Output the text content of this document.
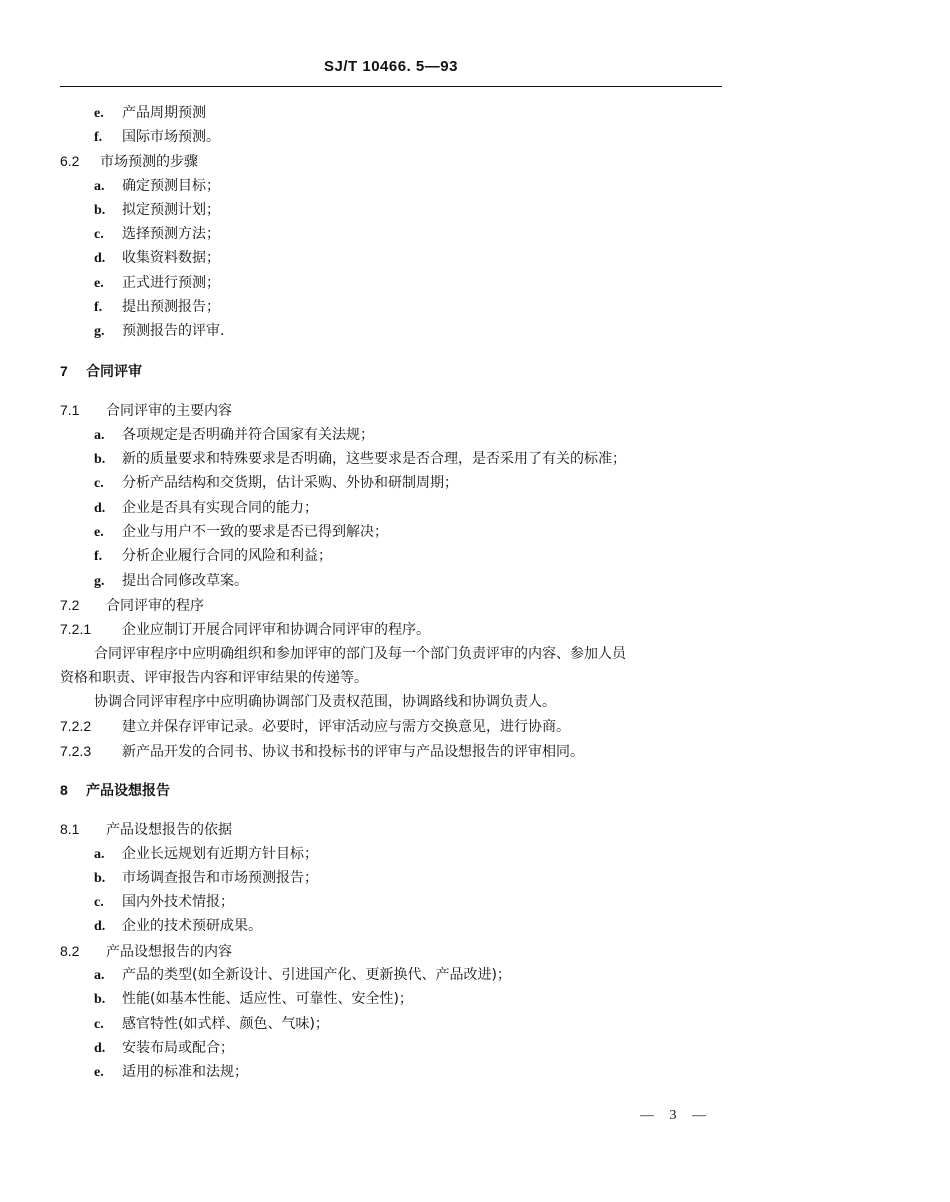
SJ/T 10466. 5—93
e. 产品周期预测
f. 国际市场预测。
6.2 市场预测的步骤
a. 确定预测目标；
b. 拟定预测计划；
c. 选择预测方法；
d. 收集资料数据；
e. 正式进行预测；
f. 提出预测报告；
g. 预测报告的评审.
7 合同评审
7.1 合同评审的主要内容
a. 各项规定是否明确并符合国家有关法规；
b. 新的质量要求和特殊要求是否明确，这些要求是否合理，是否采用了有关的标准；
c. 分析产品结构和交货期，估计采购、外协和研制周期；
d. 企业是否具有实现合同的能力；
e. 企业与用户不一致的要求是否已得到解决；
f. 分析企业履行合同的风险和利益；
g. 提出合同修改草案。
7.2 合同评审的程序
7.2.1 企业应制订开展合同评审和协调合同评审的程序。
合同评审程序中应明确组织和参加评审的部门及每一个部门负责评审的内容、参加人员
资格和职责、评审报告内容和评审结果的传递等。
协调合同评审程序中应明确协调部门及责权范围，协调路线和协调负责人。
7.2.2 建立并保存评审记录。必要时，评审活动应与需方交换意见，进行协商。
7.2.3 新产品开发的合同书、协议书和投标书的评审与产品设想报告的评审相同。
8 产品设想报告
8.1 产品设想报告的依据
a. 企业长远规划有近期方针目标；
b. 市场调查报告和市场预测报告；
c. 国内外技术情报；
d. 企业的技术预研成果。
8.2 产品设想报告的内容
a. 产品的类型(如全新设计、引进国产化、更新换代、产品改进)；
b. 性能(如基本性能、适应性、可靠性、安全性)；
c. 感官特性(如式样、颜色、气味)；
d. 安装布局或配合；
e. 适用的标准和法规；
— 3 —
